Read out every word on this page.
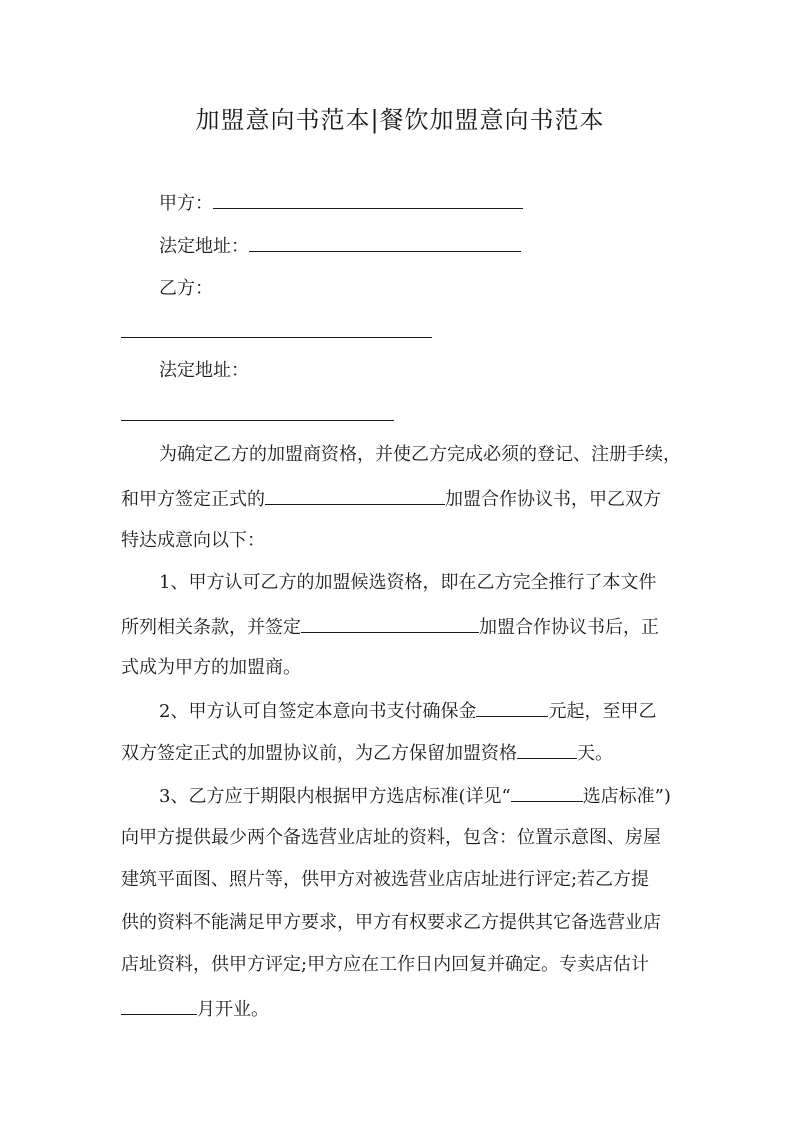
加盟意向书范本|餐饮加盟意向书范本
甲方：
法定地址：
乙方：
法定地址：
为确定乙方的加盟商资格，并使乙方完成必须的登记、注册手续，
和甲方签定正式的	加盟合作协议书，甲乙双方
特达成意向以下：
1、甲方认可乙方的加盟候选资格，即在乙方完全推行了本文件
所列相关条款，并签定	加盟合作协议书后，正
式成为甲方的加盟商。
2、甲方认可自签定本意向书支付确保金	元起，至甲乙
双方签定正式的加盟协议前，为乙方保留加盟资格	天。
3、乙方应于期限内根据甲方选店标准(详见“	选店标准”)
向甲方提供最少两个备选营业店址的资料，包含：位置示意图、房屋
建筑平面图、照片等，供甲方对被选营业店店址进行评定;若乙方提
供的资料不能满足甲方要求，甲方有权要求乙方提供其它备选营业店
店址资料，供甲方评定;甲方应在工作日内回复并确定。专卖店估计
月开业。
